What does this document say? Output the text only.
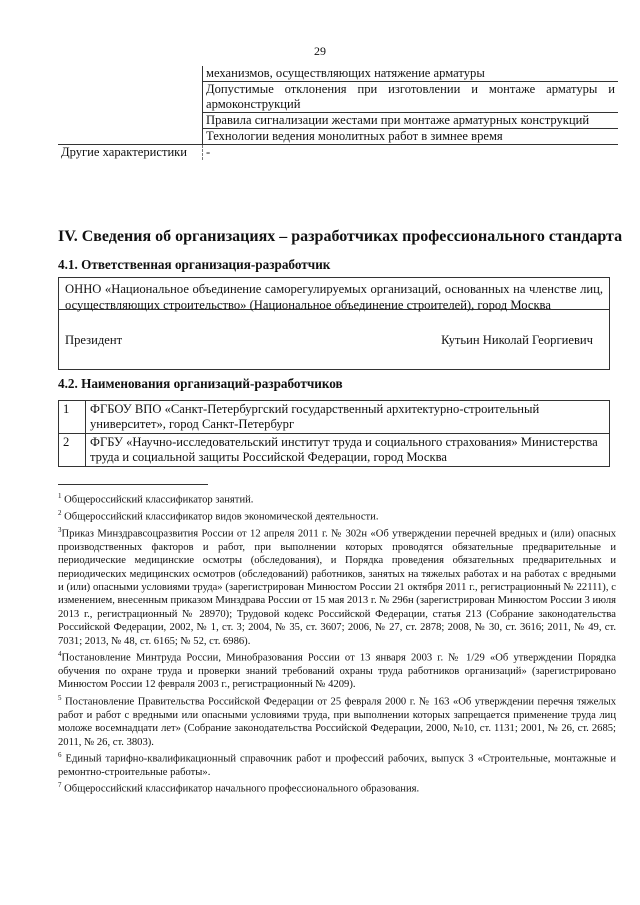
29
	механизмов, осуществляющих натяжение арматуры
	Допустимые отклонения при изготовлении и монтаже арматуры и армоконструкций
	Правила сигнализации жестами при монтаже арматурных конструкций
	Технологии ведения монолитных работ в зимнее время
Другие характеристики	-
IV. Сведения об организациях – разработчиках профессионального стандарта
4.1. Ответственная организация-разработчик
ОННО «Национальное объединение саморегулируемых организаций, основанных на членстве лиц, осуществляющих строительство» (Национальное объединение строителей), город Москва
Президент	Кутьин Николай Георгиевич
4.2. Наименования организаций-разработчиков
1	ФГБОУ ВПО «Санкт-Петербургский государственный архитектурно-строительный университет», город Санкт-Петербург
2	ФГБУ «Научно-исследовательский институт труда и социального страхования» Министерства труда и социальной защиты Российской Федерации, город Москва

$^1$ Общероссийский классификатор занятий.

$^2$ Общероссийский классификатор видов экономической деятельности.

$^3$Приказ Минздравсоцразвития России от 12 апреля 2011 г. № 302н «Об утверждении перечней вредных и (или) опасных производственных факторов и работ, при выполнении которых проводятся обязательные предварительные и периодические медицинские осмотры (обследования), и Порядка проведения обязательных предварительных и периодических медицинских осмотров (обследований) работников, занятых на тяжелых работах и на работах с вредными и (или) опасными условиями труда» (зарегистрирован Минюстом России 21 октября 2011 г., регистрационный № 22111), с изменением, внесенным приказом Минздрава России от 15 мая 2013 г. № 296н (зарегистрирован Минюстом России 3 июля 2013 г., регистрационный № 28970); Трудовой кодекс Российской Федерации, статья 213 (Собрание законодательства Российской Федерации, 2002, № 1, ст. 3; 2004, № 35, ст. 3607; 2006, № 27, ст. 2878; 2008, № 30, ст. 3616; 2011, № 49, ст. 7031; 2013, № 48, ст. 6165; № 52, ст. 6986).

$^4$Постановление Минтруда России, Минобразования России от 13 января 2003 г. № 1/29 «Об утверждении Порядка обучения по охране труда и проверки знаний требований охраны труда работников организаций» (зарегистрировано Минюстом России 12 февраля 2003 г., регистрационный № 4209).

$^5$ Постановление Правительства Российской Федерации от 25 февраля 2000 г. № 163 «Об утверждении перечня тяжелых работ и работ с вредными или опасными условиями труда, при выполнении которых запрещается применение труда лиц моложе восемнадцати лет» (Собрание законодательства Российской Федерации, 2000, №10, ст. 1131; 2001, № 26, ст. 2685; 2011, № 26, ст. 3803).

$^6$ Единый тарифно-квалификационный справочник работ и профессий рабочих, выпуск 3 «Строительные, монтажные и ремонтно-строительные работы».

$^7$ Общероссийский классификатор начального профессионального образования.
